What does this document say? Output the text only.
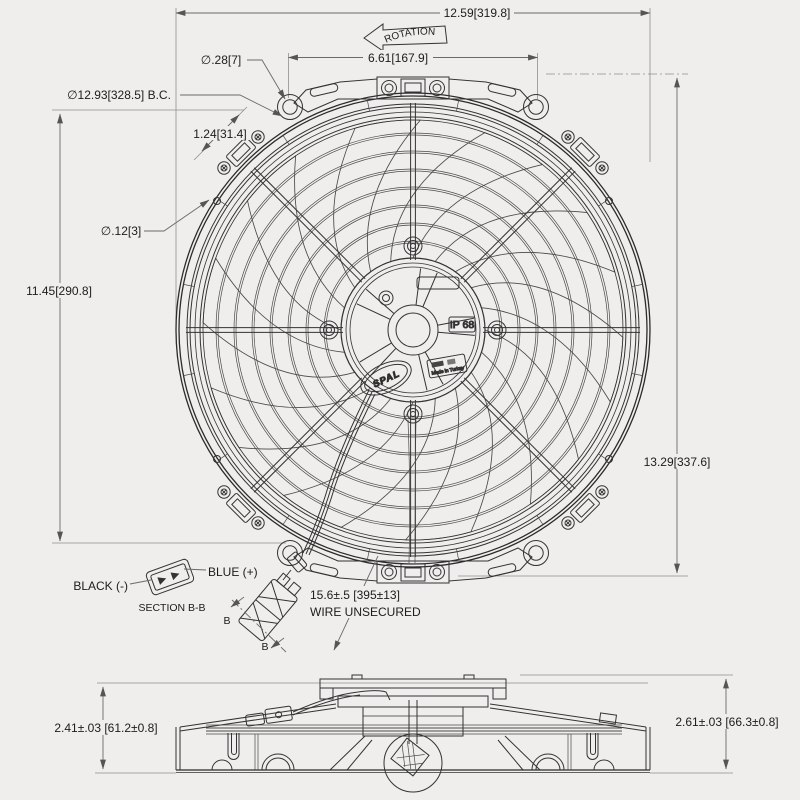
IP 68
Made in Turkey
SPAL
B
B
BLACK (-)
BLUE (+)
SECTION B-B
ROTATION
12.59[319.8]
6.61[167.9]
∅.28[7]
∅12.93[328.5] B.C.
1.24[31.4]
∅.12[3]
11.45[290.8]
13.29[337.6]
15.6±.5 [395±13]
WIRE UNSECURED
2.41±.03 [61.2±0.8]	2.61±.03 [66.3±0.8]
